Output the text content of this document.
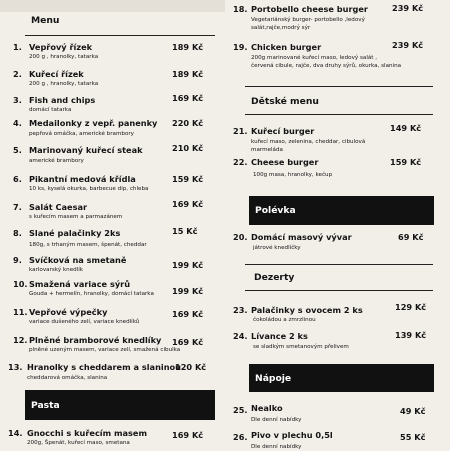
Menu
1. Vepřový řízek	189 Kč
200 g , hranolky, tatarka
2. Kuřecí řízek	189 Kč
200 g , hranolky, tatarka
3. Fish and chips	169 Kč
domácí tatarka
4. Medailonky z vepř. panenky 220 Kč
pepřová omáčka, americké brambory
5. Marinovaný kuřecí steak	210 Kč
americké brambory
6. Pikantní medová křídla	159 Kč
10 ks, kyselá okurka, barbecue dip, chleba
7. Salát Caesar	169 Kč
s kuřecím masem a parmazánem
8. Slané palačinky 2ks	15 Kč
180g, s trhaným masem, špenát, cheddar
9. Svíčková na smetaně	199 Kč
karlovarský knedlík
10. Smažená variace sýrů
199 Kč
Gouda + hermelín, hranolky, domácí tatarka
11. Vepřové výpečky	169 Kč
variace dušeného zelí, variace knedlíků
12. Plněné bramborové knedlíky 169 Kč
plněné uzeným masem, variace zelí, smažená cibulka
13. Hranolky s cheddarem a slaninou
120 Kč
cheddarová omáčka, slanina
Pasta
14. Gnocchi s kuřecím masem	169 Kč
200g, Špenát, kuřecí maso, smetana
18. Portobello cheese burger	239 Kč
Vegetariánský burger- portobello ,ledový
salát,rajče,modrý sýr
19. Chicken burger	239 Kč
200g marinované kuřecí maso, ledový salát ,
červená cibule, rajče, dva druhy sýrů, okurka, slanina
Dětské menu
21. Kuřecí burger	149 Kč
kuřecí maso, zelenina, cheddar, cibulová
marmeláda
22. Cheese burger	159 Kč
100g masa, hranolky, kečup
Polévka
20. Domácí masový vývar	69 Kč
játrové knedlíčky
Dezerty
23. Palačinky s ovocem 2 ks	129 Kč
čokoládou a zmrzlinou
24. Lívance 2 ks	139 Kč
se sladkým smetanovým přelivem
Nápoje
25. Nealko	49 Kč
Dle denní nabídky
26. Pivo v plechu 0,5l	55 Kč
Dle denní nabídky
